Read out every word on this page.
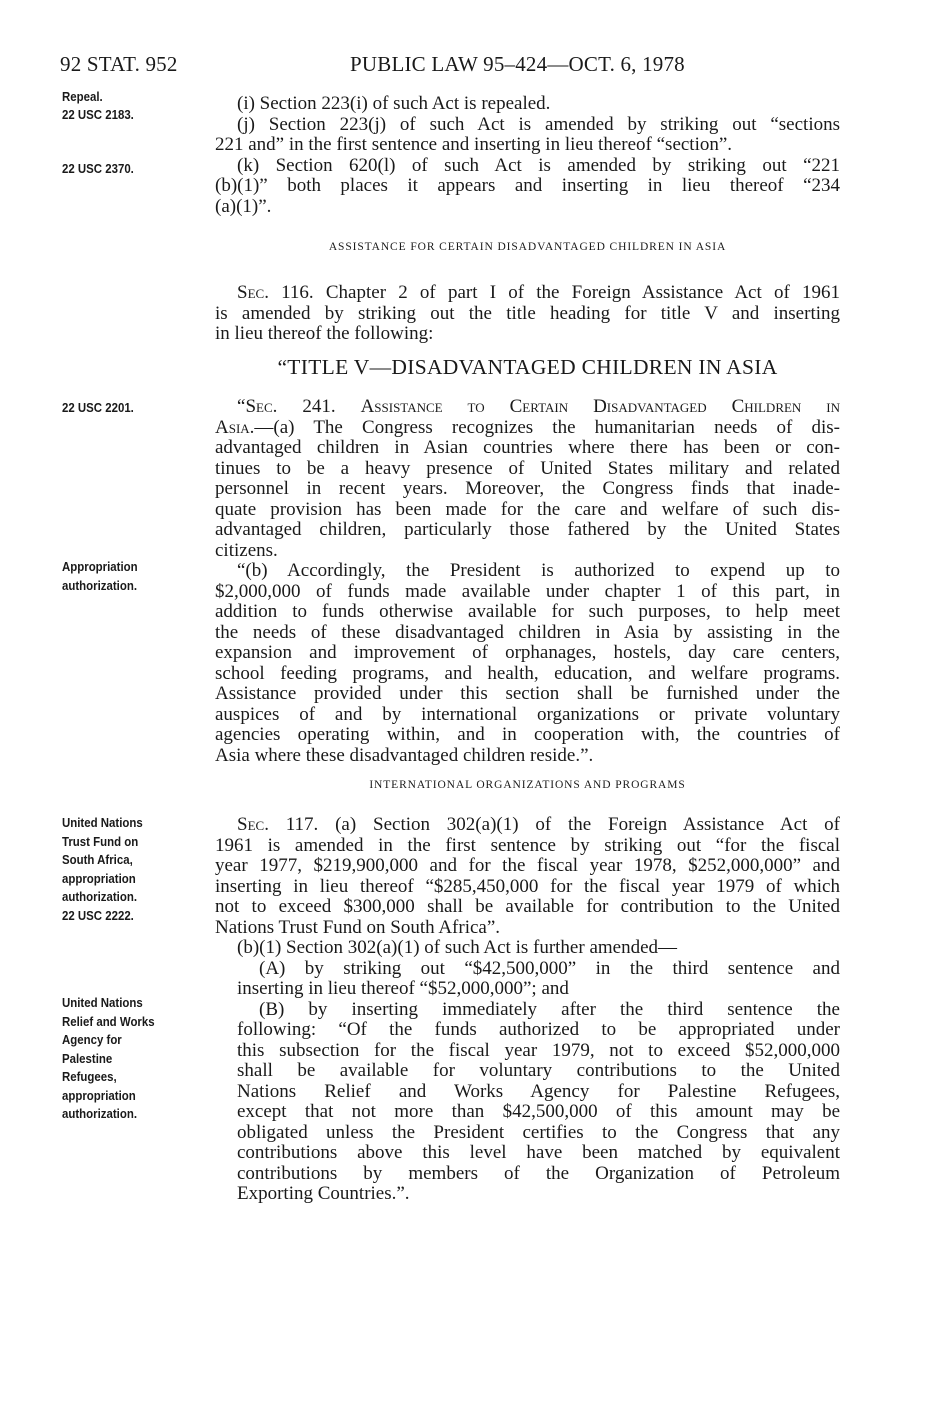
92 STAT. 952	PUBLIC LAW 95–424—OCT. 6, 1978
Repeal.
22 USC 2183.
22 USC 2370.
22 USC 2201.
Appropriation
authorization.
United Nations
Trust Fund on
South Africa,
appropriation
authorization.
22 USC 2222.
United Nations
Relief and Works
Agency for
Palestine
Refugees,
appropriation
authorization.
(i) Section 223(i) of such Act is repealed.
(j) Section 223(j) of such Act is amended by striking out “sections
221 and” in the first sentence and inserting in lieu thereof “section”.
(k) Section 620(l) of such Act is amended by striking out “221
(b)(1)” both places it appears and inserting in lieu thereof “234
(a)(1)”.
ASSISTANCE FOR CERTAIN DISADVANTAGED CHILDREN IN ASIA
Sec. 116. Chapter 2 of part I of the Foreign Assistance Act of 1961
is amended by striking out the title heading for title V and inserting
in lieu thereof the following:
“TITLE V—DISADVANTAGED CHILDREN IN ASIA
“Sec. 241. Assistance to Certain Disadvantaged Children in
Asia.—(a) The Congress recognizes the humanitarian needs of dis-
advantaged children in Asian countries where there has been or con-
tinues to be a heavy presence of United States military and related
personnel in recent years. Moreover, the Congress finds that inade-
quate provision has been made for the care and welfare of such dis-
advantaged children, particularly those fathered by the United States
citizens.
“(b) Accordingly, the President is authorized to expend up to
$2,000,000 of funds made available under chapter 1 of this part, in
addition to funds otherwise available for such purposes, to help meet
the needs of these disadvantaged children in Asia by assisting in the
expansion and improvement of orphanages, hostels, day care centers,
school feeding programs, and health, education, and welfare programs.
Assistance provided under this section shall be furnished under the
auspices of and by international organizations or private voluntary
agencies operating within, and in cooperation with, the countries of
Asia where these disadvantaged children reside.”.
INTERNATIONAL ORGANIZATIONS AND PROGRAMS
Sec. 117. (a) Section 302(a)(1) of the Foreign Assistance Act of
1961 is amended in the first sentence by striking out “for the fiscal
year 1977, $219,900,000 and for the fiscal year 1978, $252,000,000” and
inserting in lieu thereof “$285,450,000 for the fiscal year 1979 of which
not to exceed $300,000 shall be available for contribution to the United
Nations Trust Fund on South Africa”.
(b)(1) Section 302(a)(1) of such Act is further amended—
(A) by striking out “$42,500,000” in the third sentence and
inserting in lieu thereof “$52,000,000”; and
(B) by inserting immediately after the third sentence the
following: “Of the funds authorized to be appropriated under
this subsection for the fiscal year 1979, not to exceed $52,000,000
shall be available for voluntary contributions to the United
Nations Relief and Works Agency for Palestine Refugees,
except that not more than $42,500,000 of this amount may be
obligated unless the President certifies to the Congress that any
contributions above this level have been matched by equivalent
contributions by members of the Organization of Petroleum
Exporting Countries.”.
